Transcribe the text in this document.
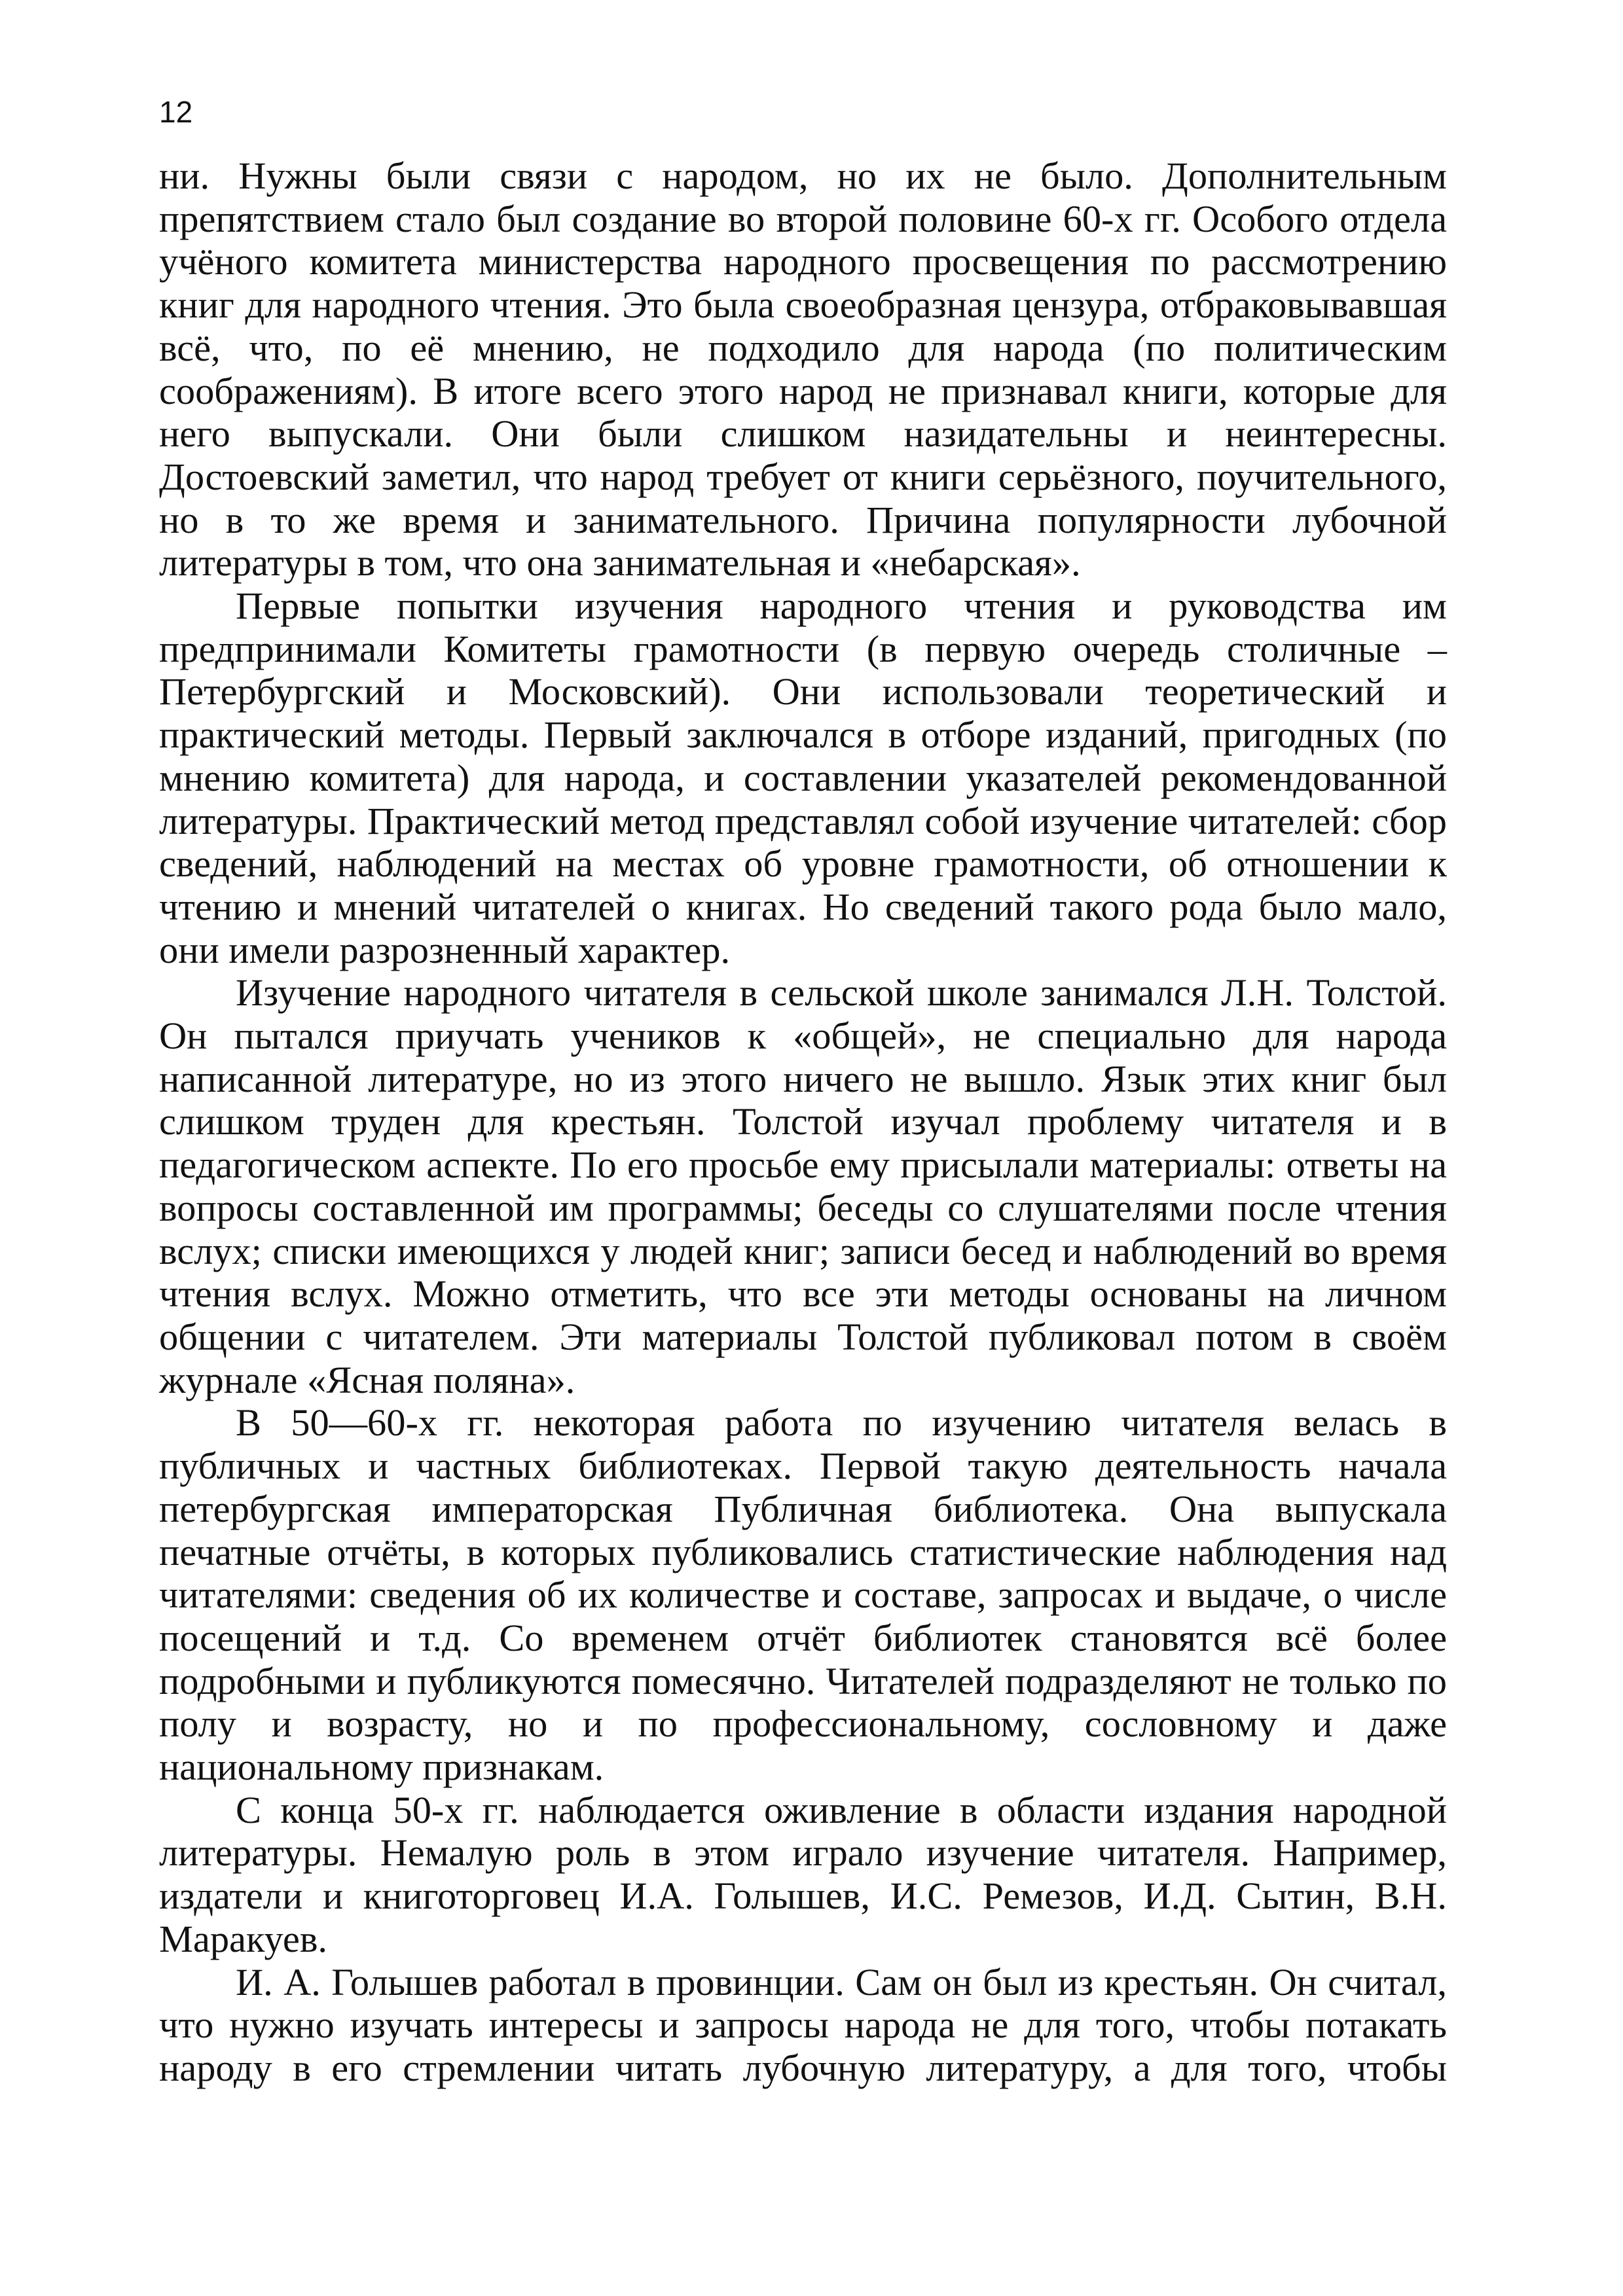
12

ни. Нужны были связи с народом, но их не было. Дополнительным препятствием стало был создание во второй половине 60-х гг. Особого отдела учёного комитета министерства народного просвещения по рассмотрению книг для народного чтения. Это была своеобразная цензура, отбраковывавшая всё, что, по её мнению, не подходило для народа (по политическим соображениям). В итоге всего этого народ не признавал книги, которые для него выпускали. Они были слишком назидательны и неинтересны. Достоевский заметил, что народ требует от книги серьёзного, поучительного, но в то же время и занимательного. Причина популярности лубочной литературы в том, что она занимательная и «небарская».

Первые попытки изучения народного чтения и руководства им предпринимали Комитеты грамотности (в первую очередь столичные – Петербургский и Московский). Они использовали теоретический и практический методы. Первый заключался в отборе изданий, пригодных (по мнению комитета) для народа, и составлении указателей рекомендованной литературы. Практический метод представлял собой изучение читателей: сбор сведений, наблюдений на местах об уровне грамотности, об отношении к чтению и мнений читателей о книгах. Но сведений такого рода было мало, они имели разрозненный характер.

Изучение народного читателя в сельской школе занимался Л.Н. Толстой. Он пытался приучать учеников к «общей», не специально для народа написанной литературе, но из этого ничего не вышло. Язык этих книг был слишком труден для крестьян. Толстой изучал проблему читателя и в педагогическом аспекте. По его просьбе ему присылали материалы: ответы на вопросы составленной им программы; беседы со слушателями после чтения вслух; списки имеющихся у людей книг; записи бесед и наблюдений во время чтения вслух. Можно отметить, что все эти методы основаны на личном общении с читателем. Эти материалы Толстой публиковал потом в своём журнале «Ясная поляна».

В 50—60-х гг. некоторая работа по изучению читателя велась в публичных и частных библиотеках. Первой такую деятельность начала петербургская императорская Публичная библиотека. Она выпускала печатные отчёты, в которых публиковались статистические наблюдения над читателями: сведения об их количестве и составе, запросах и выдаче, о числе посещений и т.д. Со временем отчёт библиотек становятся всё более подробными и публикуются помесячно. Читателей подразделяют не только по полу и возрасту, но и по профессиональному, сословному и даже национальному признакам.

С конца 50-х гг. наблюдается оживление в области издания народной литературы. Немалую роль в этом играло изучение читателя. Например, издатели и книготорговец И.А. Голышев, И.С. Ремезов, И.Д. Сытин, В.Н. Маракуев.

И. А. Голышев работал в провинции. Сам он был из крестьян. Он считал, что нужно изучать интересы и запросы народа не для того, чтобы потакать народу в его стремлении читать лубочную литературу, а для того, чтобы
